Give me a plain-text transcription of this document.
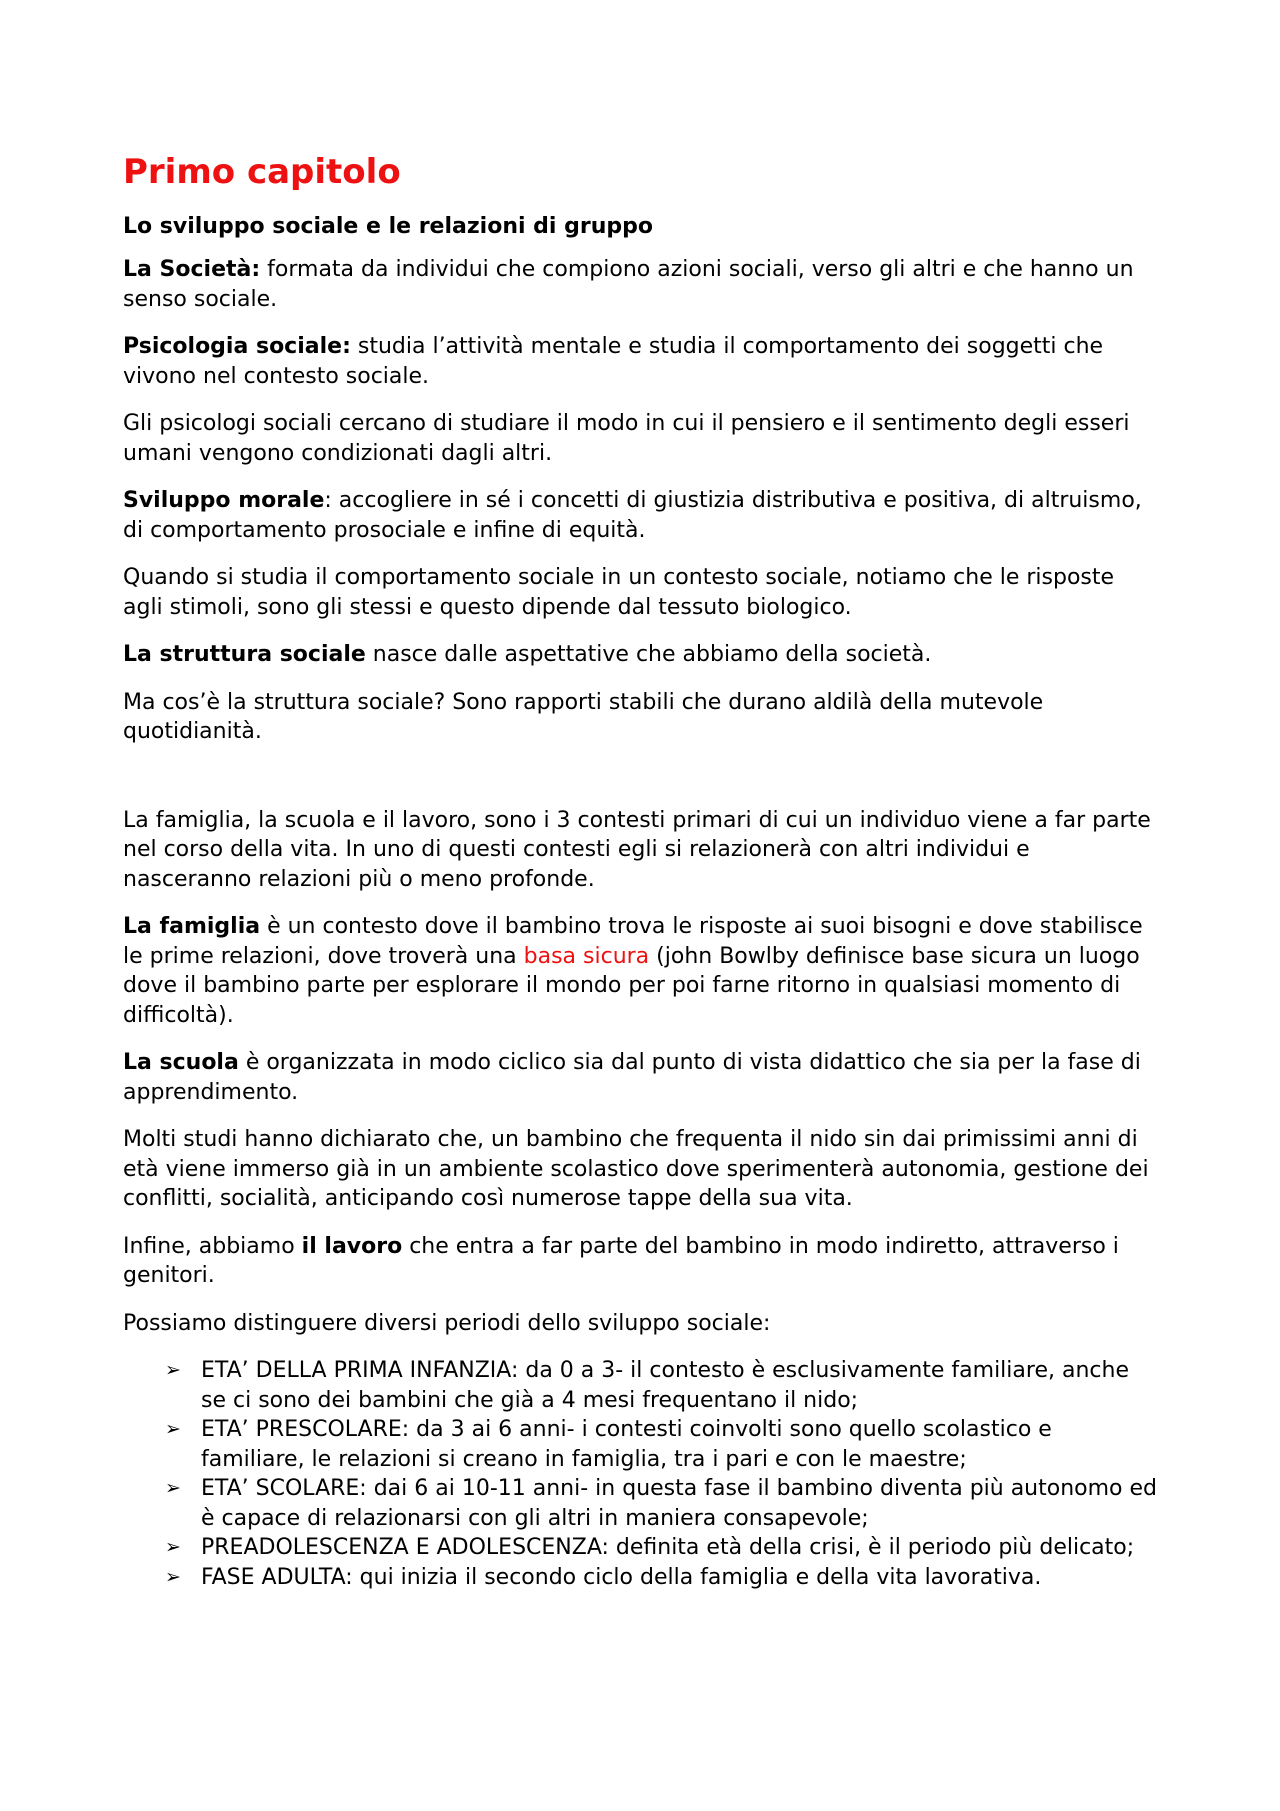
Primo capitolo
Lo sviluppo sociale e le relazioni di gruppo

La Società: formata da individui che compiono azioni sociali, verso gli altri e che hanno un senso sociale.

Psicologia sociale: studia l’attività mentale e studia il comportamento dei soggetti che vivono nel contesto sociale.

Gli psicologi sociali cercano di studiare il modo in cui il pensiero e il sentimento degli esseri umani vengono condizionati dagli altri.

Sviluppo morale: accogliere in sé i concetti di giustizia distributiva e positiva, di altruismo, di comportamento prosociale e infine di equità.

Quando si studia il comportamento sociale in un contesto sociale, notiamo che le risposte agli stimoli, sono gli stessi e questo dipende dal tessuto biologico.

La struttura sociale nasce dalle aspettative che abbiamo della società.

Ma cos’è la struttura sociale? Sono rapporti stabili che durano aldilà della mutevole quotidianità.

La famiglia, la scuola e il lavoro, sono i 3 contesti primari di cui un individuo viene a far parte nel corso della vita. In uno di questi contesti egli si relazionerà con altri individui e nasceranno relazioni più o meno profonde.

La famiglia è un contesto dove il bambino trova le risposte ai suoi bisogni e dove stabilisce le prime relazioni, dove troverà una basa sicura (john Bowlby definisce base sicura un luogo dove il bambino parte per esplorare il mondo per poi farne ritorno in qualsiasi momento di difficoltà).

La scuola è organizzata in modo ciclico sia dal punto di vista didattico che sia per la fase di apprendimento.

Molti studi hanno dichiarato che, un bambino che frequenta il nido sin dai primissimi anni di età viene immerso già in un ambiente scolastico dove sperimenterà autonomia, gestione dei conflitti, socialità, anticipando così numerose tappe della sua vita.

Infine, abbiamo il lavoro che entra a far parte del bambino in modo indiretto, attraverso i genitori.

Possiamo distinguere diversi periodi dello sviluppo sociale:

➢ ETA’ DELLA PRIMA INFANZIA: da 0 a 3- il contesto è esclusivamente familiare, anche se ci sono dei bambini che già a 4 mesi frequentano il nido;
➢ ETA’ PRESCOLARE: da 3 ai 6 anni- i contesti coinvolti sono quello scolastico e familiare, le relazioni si creano in famiglia, tra i pari e con le maestre;
➢ ETA’ SCOLARE: dai 6 ai 10-11 anni- in questa fase il bambino diventa più autonomo ed è capace di relazionarsi con gli altri in maniera consapevole;
➢ PREADOLESCENZA E ADOLESCENZA: definita età della crisi, è il periodo più delicato;
➢ FASE ADULTA: qui inizia il secondo ciclo della famiglia e della vita lavorativa.
